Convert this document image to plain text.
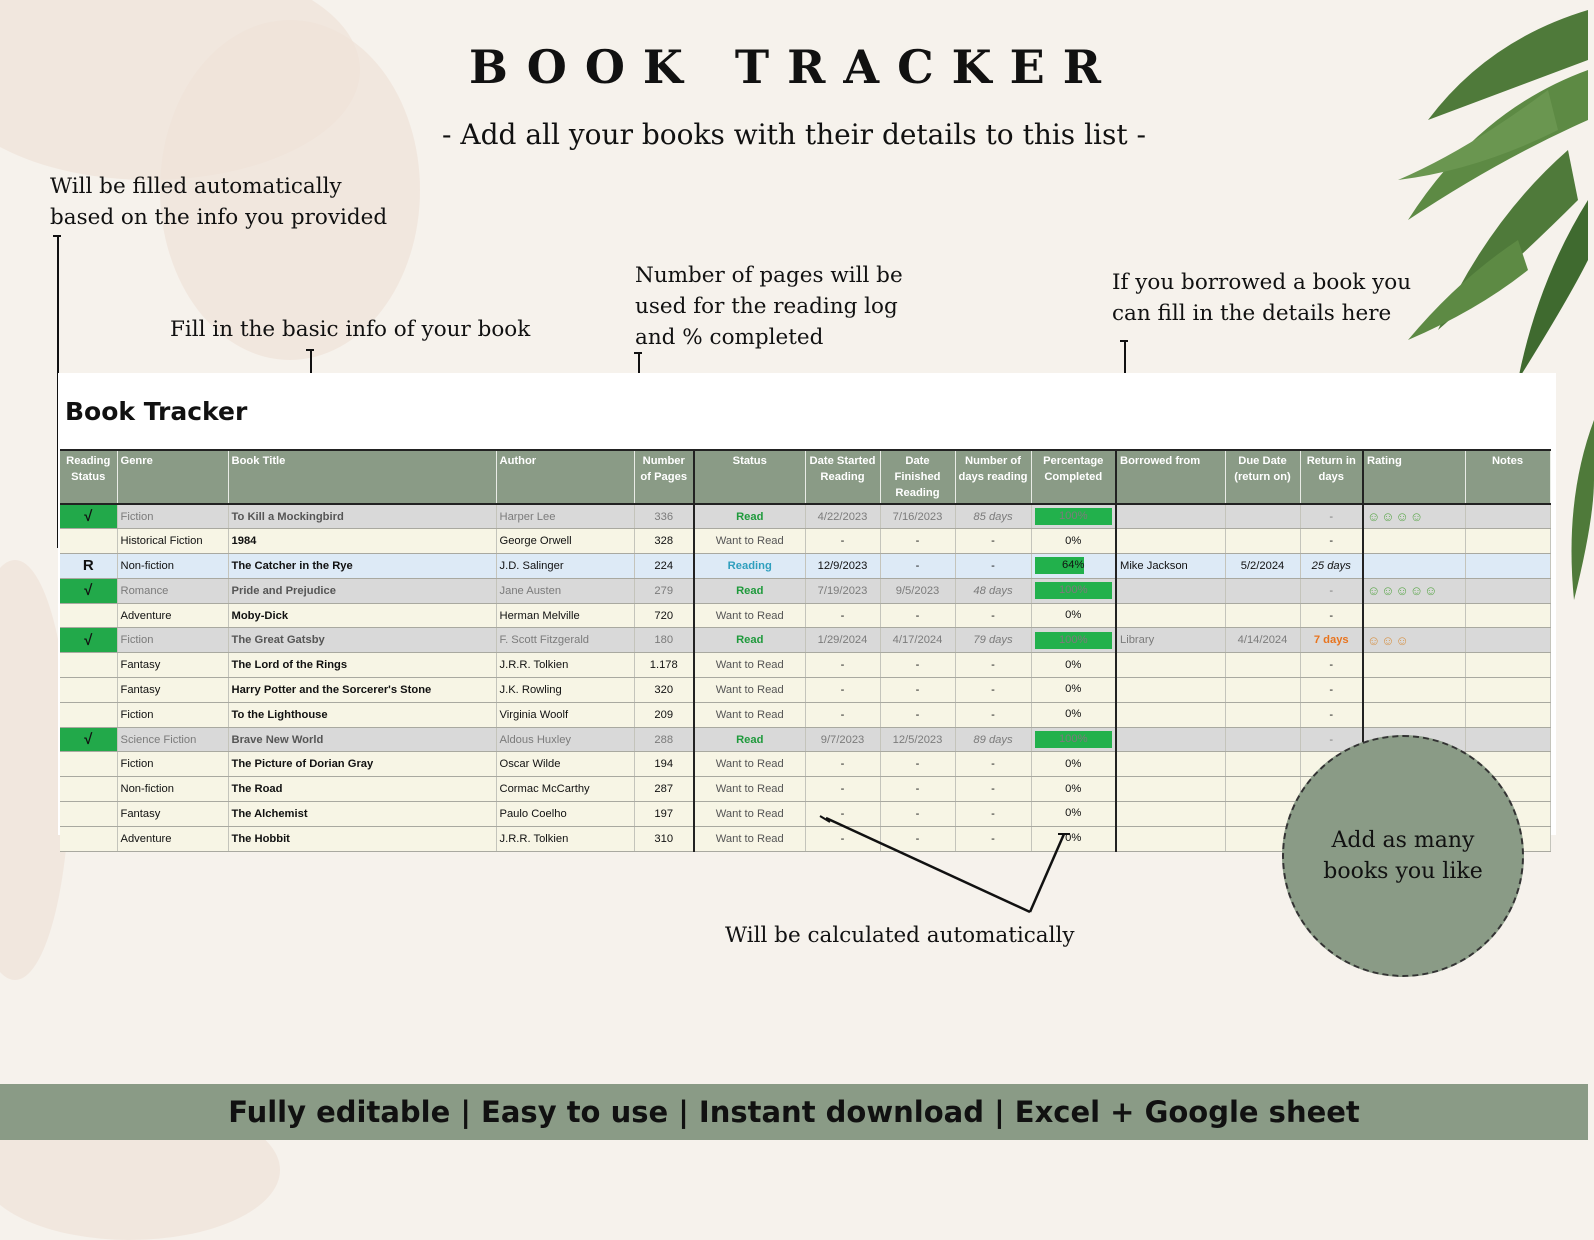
BOOK TRACKER
- Add all your books with their details to this list -
Will be filled automatically
based on the info you provided
Fill in the basic info of your book
Number of pages will be
used for the reading log
and % completed
If you borrowed a book you
can fill in the details here
Book Tracker
Reading Status	Genre	Book Title	Author	Number of Pages	Status	Date Started Reading	Date Finished Reading	Number of days reading	Percentage Completed	Borrowed from	Due Date (return on)	Return in days	Rating	Notes
√	Fiction	To Kill a Mockingbird	Harper Lee	336	Read	4/22/2023	7/16/2023	85 days	100%			-	☺☺☺☺	
	Historical Fiction	1984	George Orwell	328	Want to Read	-	-	-	0%			-		
R	Non-fiction	The Catcher in the Rye	J.D. Salinger	224	Reading	12/9/2023	-	-	64%	Mike Jackson	5/2/2024	25 days		
√	Romance	Pride and Prejudice	Jane Austen	279	Read	7/19/2023	9/5/2023	48 days	100%			-	☺☺☺☺☺	
	Adventure	Moby-Dick	Herman Melville	720	Want to Read	-	-	-	0%			-		
√	Fiction	The Great Gatsby	F. Scott Fitzgerald	180	Read	1/29/2024	4/17/2024	79 days	100%	Library	4/14/2024	7 days	☺☺☺	
	Fantasy	The Lord of the Rings	J.R.R. Tolkien	1.178	Want to Read	-	-	-	0%			-		
	Fantasy	Harry Potter and the Sorcerer's Stone	J.K. Rowling	320	Want to Read	-	-	-	0%			-		
	Fiction	To the Lighthouse	Virginia Woolf	209	Want to Read	-	-	-	0%			-		
√	Science Fiction	Brave New World	Aldous Huxley	288	Read	9/7/2023	12/5/2023	89 days	100%			-		
	Fiction	The Picture of Dorian Gray	Oscar Wilde	194	Want to Read	-	-	-	0%					

	Non-fiction	The Road	Cormac McCarthy	287	Want to Read	-	-	-	0%					

	Fantasy	The Alchemist	Paulo Coelho	197	Want to Read	-	-	-	0%					

	Adventure	The Hobbit	J.R.R. Tolkien	310	Want to Read	-	-	-	0%					

Will be calculated automatically
Add as many
books you like
Fully editable | Easy to use | Instant download | Excel + Google sheet
